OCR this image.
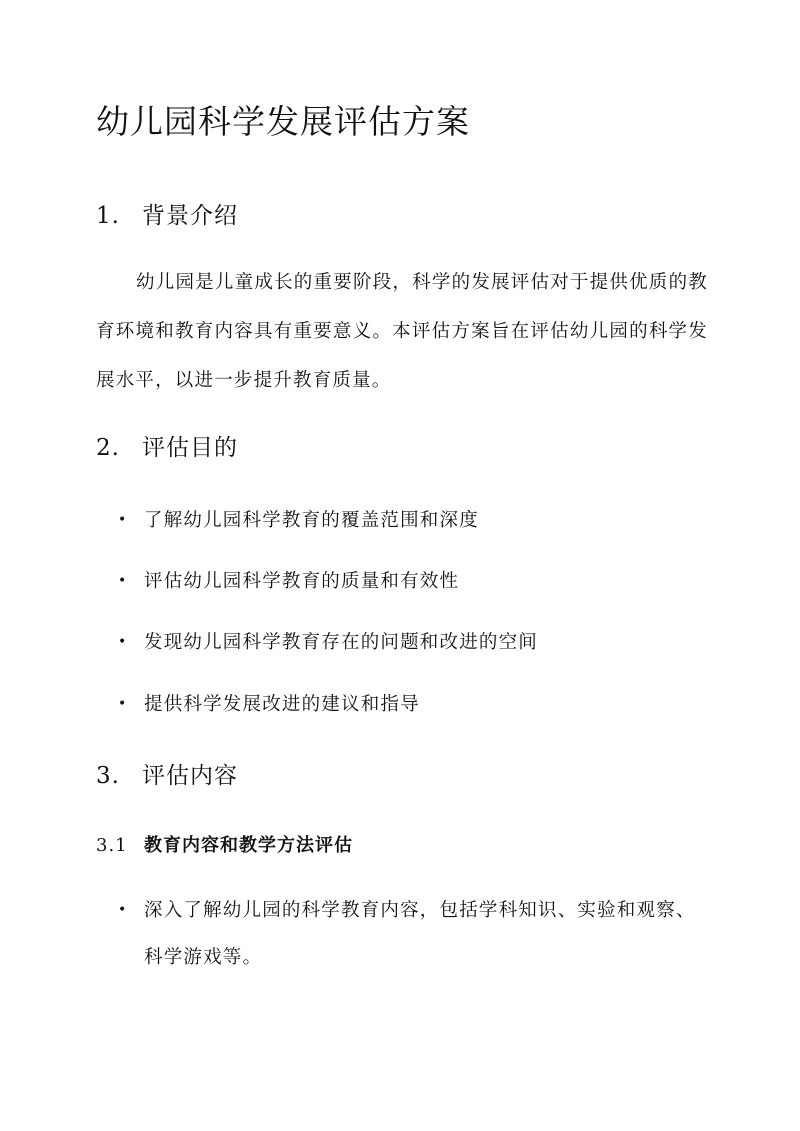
幼儿园科学发展评估方案
1. 背景介绍

幼儿园是儿童成长的重要阶段，科学的发展评估对于提供优质的教育环境和教育内容具有重要意义。本评估方案旨在评估幼儿园的科学发展水平，以进一步提升教育质量。

2. 评估目的
• 了解幼儿园科学教育的覆盖范围和深度
• 评估幼儿园科学教育的质量和有效性
• 发现幼儿园科学教育存在的问题和改进的空间
• 提供科学发展改进的建议和指导
3. 评估内容
3.1 教育内容和教学方法评估
• 深入了解幼儿园的科学教育内容，包括学科知识、实验和观察、科学游戏等。
